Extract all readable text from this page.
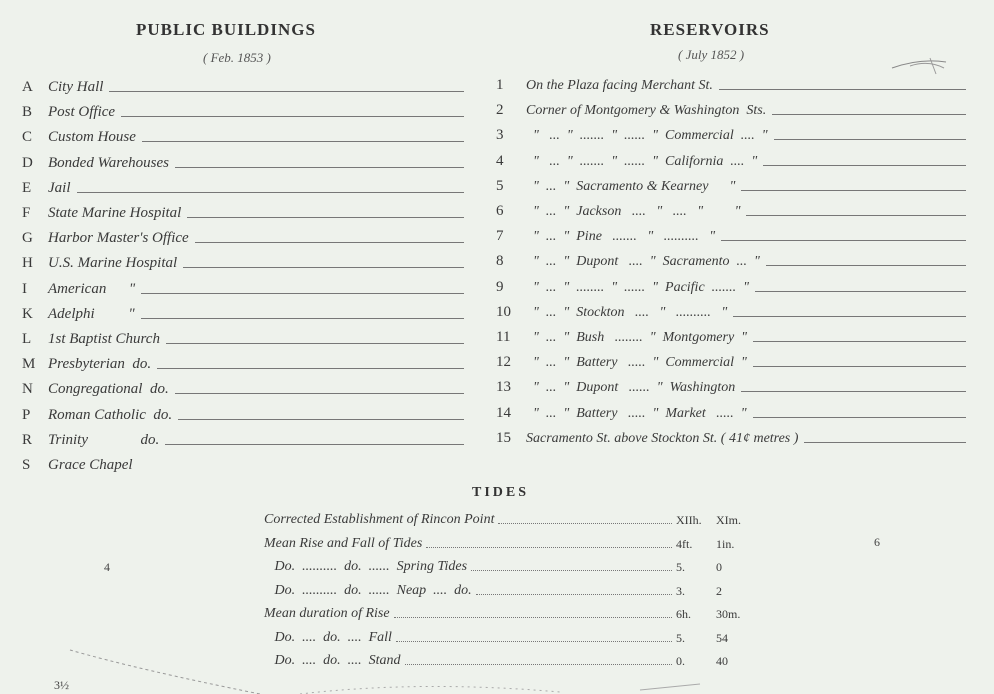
PUBLIC BUILDINGS
( Feb. 1853 )
A	City Hall
B	Post Office
C	Custom House
D	Bonded Warehouses
E	Jail
F	State Marine Hospital
G	Harbor Master's Office
H	U.S. Marine Hospital
I	American      "
K	Adelphi         "
L	1st Baptist Church
M Presbyterian  do.
N	Congregational  do.
P	Roman Catholic  do.
R	Trinity              do.
S	Grace Chapel
RESERVOIRS
( July 1852 )
1	On the Plaza facing Merchant St.
2	Corner of Montgomery & Washington  Sts.
3	"   ...  "  .......  "  ......  "  Commercial  ....  "
4	"   ...  "  .......  "  ......  "  California  ....  "
5	"  ...  "  Sacramento & Kearney      "
6	"  ...  "  Jackson   ....   "   ....   "         "
7	"  ...  "  Pine   .......   "   ..........   "
8	"  ...  "  Dupont   ....  "  Sacramento  ...  "
9	"  ...  "  ........  "  ......  "  Pacific  .......  "
10	"  ...  "  Stockton   ....   "   ..........   "
11	"  ...  "  Bush   ........  "  Montgomery  "
12	"  ...  "  Battery   .....  "  Commercial  "
13	"  ...  "  Dupont   ......  "  Washington
14	"  ...  "  Battery   .....  "  Market   .....  "
15	Sacramento St. above Stockton St. ( 41¢ metres )
TIDES
Corrected Establishment of Rincon Point	XIIh.	XIm.
Mean Rise and Fall of Tides	4ft.	1in.
Do.  ..........  do.  ......  Spring Tides	5.	0
Do.  ..........  do.  ......  Neap  ....  do.	3.	2
Mean duration of Rise	6h.	30m.
Do.  ....  do.  ....  Fall	5.	54
Do.  ....  do.  ....  Stand	0.	40
4
6
3½
